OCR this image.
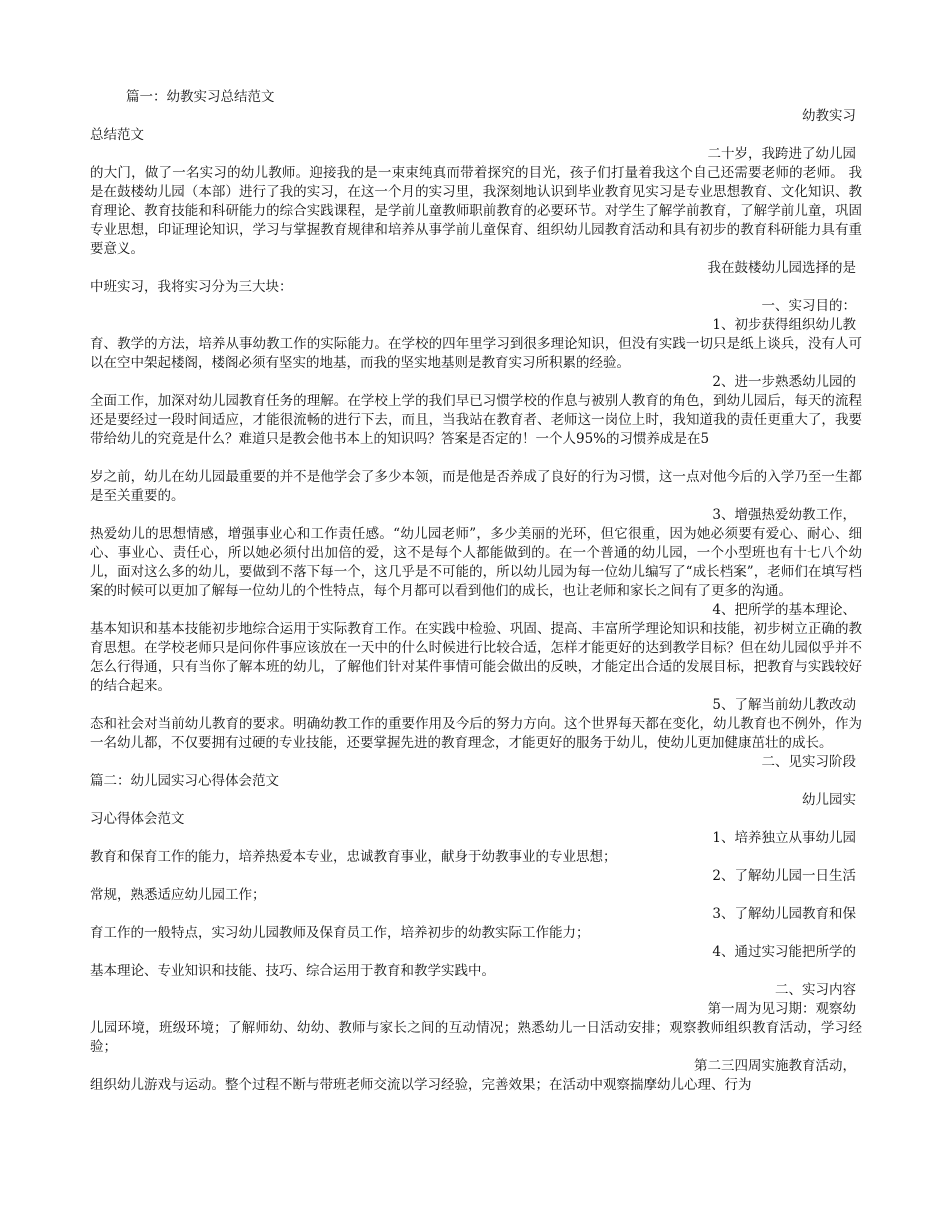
篇一：幼教实习总结范文
幼教实习
总结范文
二十岁，我跨进了幼儿园
的大门，做了一名实习的幼儿教师。迎接我的是一束束纯真而带着探究的目光，孩子们打量着我这个自己还需要老师的老师。 我是在鼓楼幼儿园（本部）进行了我的实习，在这一个月的实习里，我深刻地认识到毕业教育见实习是专业思想教育、文化知识、教育理论、教育技能和科研能力的综合实践课程，是学前儿童教师职前教育的必要环节。对学生了解学前教育，了解学前儿童，巩固专业思想，印证理论知识，学习与掌握教育规律和培养从事学前儿童保育、组织幼儿园教育活动和具有初步的教育科研能力具有重要意义。
我在鼓楼幼儿园选择的是
中班实习，我将实习分为三大块：
一、实习目的：
1、初步获得组织幼儿教
育、教学的方法，培养从事幼教工作的实际能力。在学校的四年里学习到很多理论知识，但没有实践一切只是纸上谈兵，没有人可以在空中架起楼阁，楼阁必须有坚实的地基，而我的坚实地基则是教育实习所积累的经验。
2、进一步熟悉幼儿园的
全面工作，加深对幼儿园教育任务的理解。在学校上学的我们早已习惯学校的作息与被别人教育的角色，到幼儿园后，每天的流程还是要经过一段时间适应，才能很流畅的进行下去，而且，当我站在教育者、老师这一岗位上时，我知道我的责任更重大了，我要带给幼儿的究竟是什么？难道只是教会他书本上的知识吗？答案是否定的！一个人95%的习惯养成是在5
岁之前，幼儿在幼儿园最重要的并不是他学会了多少本领，而是他是否养成了良好的行为习惯，这一点对他今后的入学乃至一生都是至关重要的。
3、增强热爱幼教工作，
热爱幼儿的思想情感，增强事业心和工作责任感。“幼儿园老师”，多少美丽的光环，但它很重，因为她必须要有爱心、耐心、细心、事业心、责任心，所以她必须付出加倍的爱，这不是每个人都能做到的。在一个普通的幼儿园，一个小型班也有十七八个幼儿，面对这么多的幼儿，要做到不落下每一个，这几乎是不可能的，所以幼儿园为每一位幼儿编写了“成长档案”，老师们在填写档案的时候可以更加了解每一位幼儿的个性特点，每个月都可以看到他们的成长，也让老师和家长之间有了更多的沟通。
4、把所学的基本理论、
基本知识和基本技能初步地综合运用于实际教育工作。在实践中检验、巩固、提高、丰富所学理论知识和技能，初步树立正确的教育思想。在学校老师只是问你件事应该放在一天中的什么时候进行比较合适，怎样才能更好的达到教学目标？但在幼儿园似乎并不怎么行得通，只有当你了解本班的幼儿，了解他们针对某件事情可能会做出的反映，才能定出合适的发展目标，把教育与实践较好的结合起来。
5、了解当前幼儿教改动
态和社会对当前幼儿教育的要求。明确幼教工作的重要作用及今后的努力方向。这个世界每天都在变化，幼儿教育也不例外，作为一名幼儿都，不仅要拥有过硬的专业技能，还要掌握先进的教育理念，才能更好的服务于幼儿，使幼儿更加健康茁壮的成长。
二、见实习阶段
篇二：幼儿园实习心得体会范文
幼儿园实
习心得体会范文
1、培养独立从事幼儿园
教育和保育工作的能力，培养热爱本专业，忠诚教育事业，献身于幼教事业的专业思想；
2、了解幼儿园一日生活
常规，熟悉适应幼儿园工作；
3、了解幼儿园教育和保
育工作的一般特点，实习幼儿园教师及保育员工作，培养初步的幼教实际工作能力；
4、通过实习能把所学的
基本理论、专业知识和技能、技巧、综合运用于教育和教学实践中。
二、实习内容
第一周为见习期：观察幼
儿园环境，班级环境；了解师幼、幼幼、教师与家长之间的互动情况；熟悉幼儿一日活动安排；观察教师组织教育活动，学习经验；
第二三四周实施教育活动，
组织幼儿游戏与运动。整个过程不断与带班老师交流以学习经验，完善效果；在活动中观察揣摩幼儿心理、行为
